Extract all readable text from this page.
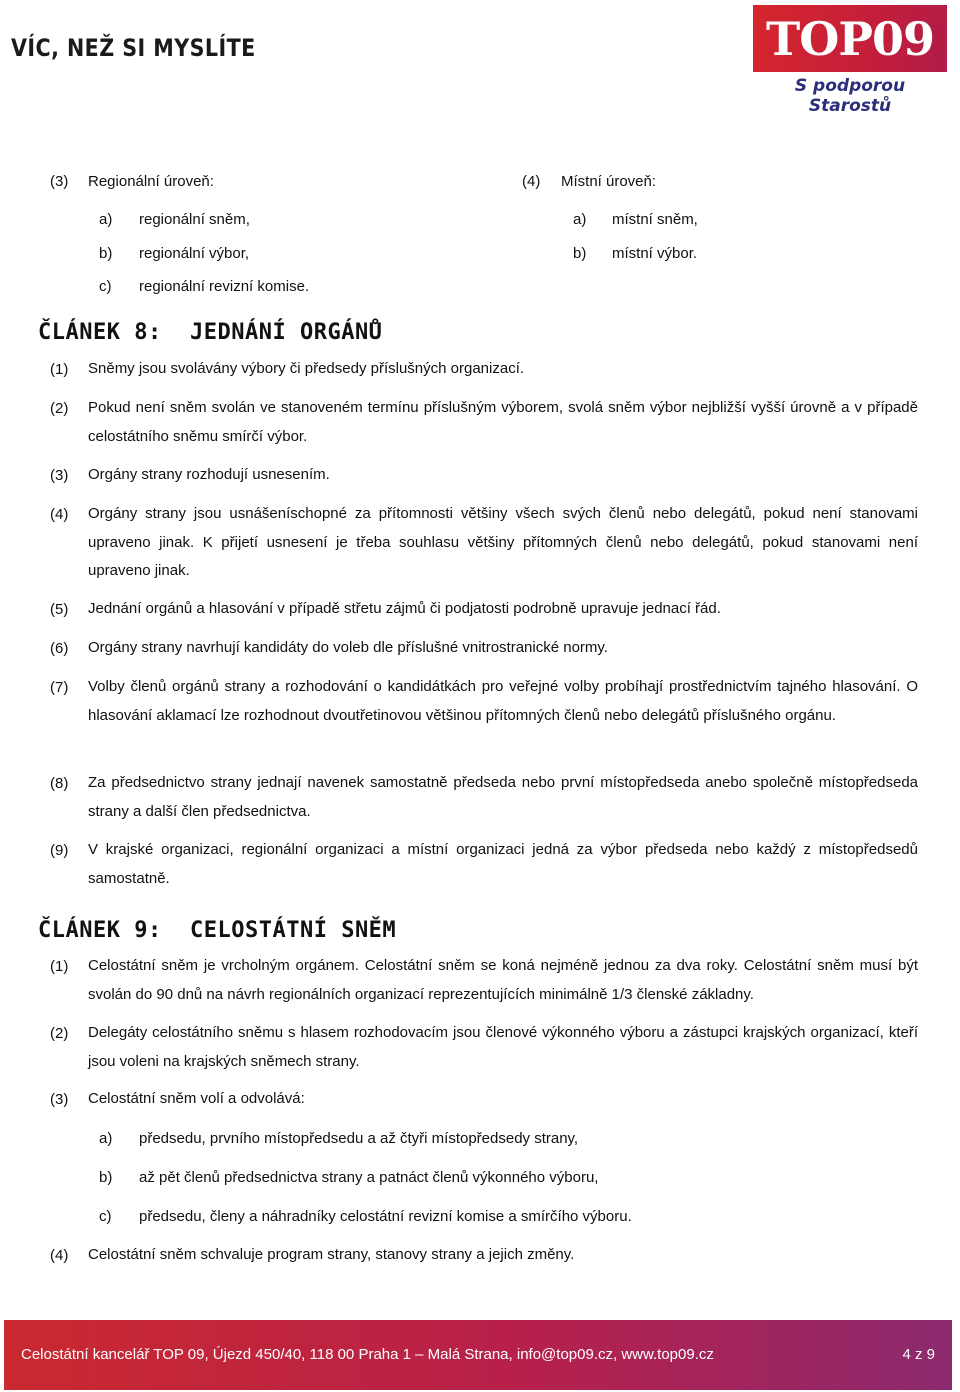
VÍC, NEŽ SI MYSLÍTE	TOP09
S podporou Starostů
(3) Regionální úroveň:
a) regionální sněm,
b) regionální výbor,
c) regionální revizní komise.
(4) Místní úroveň:
a) místní sněm,
b) místní výbor.
ČLÁNEK 8: JEDNÁNÍ ORGÁNŮ
(1) Sněmy jsou svolávány výbory či předsedy příslušných organizací.
(2) Pokud není sněm svolán ve stanoveném termínu příslušným výborem, svolá sněm výbor nejbližší vyšší úrovně a v případě celostátního sněmu smírčí výbor.
(3) Orgány strany rozhodují usnesením.
(4) Orgány strany jsou usnášeníschopné za přítomnosti většiny všech svých členů nebo delegátů, pokud není stanovami upraveno jinak. K přijetí usnesení je třeba souhlasu většiny přítomných členů nebo delegátů, pokud stanovami není upraveno jinak.
(5) Jednání orgánů a hlasování v případě střetu zájmů či podjatosti podrobně upravuje jednací řád.
(6) Orgány strany navrhují kandidáty do voleb dle příslušné vnitrostranické normy.
(7) Volby členů orgánů strany a rozhodování o kandidátkách pro veřejné volby probíhají prostřednictvím tajného hlasování. O hlasování aklamací lze rozhodnout dvoutřetinovou většinou přítomných členů nebo delegátů příslušného orgánu.
(8) Za předsednictvo strany jednají navenek samostatně předseda nebo první místopředseda anebo společně místopředseda strany a další člen předsednictva.
(9) V krajské organizaci, regionální organizaci a místní organizaci jedná za výbor předseda nebo každý z místopředsedů samostatně.
ČLÁNEK 9: CELOSTÁTNÍ SNĚM
(1) Celostátní sněm je vrcholným orgánem. Celostátní sněm se koná nejméně jednou za dva roky. Celostátní sněm musí být svolán do 90 dnů na návrh regionálních organizací reprezentujících minimálně 1/3 členské základny.
(2) Delegáty celostátního sněmu s hlasem rozhodovacím jsou členové výkonného výboru a zástupci krajských organizací, kteří jsou voleni na krajských sněmech strany.
(3) Celostátní sněm volí a odvolává:
a) předsedu, prvního místopředsedu a až čtyři místopředsedy strany,
b) až pět členů předsednictva strany a patnáct členů výkonného výboru,
c) předsedu, členy a náhradníky celostátní revizní komise a smírčího výboru.
(4) Celostátní sněm schvaluje program strany, stanovy strany a jejich změny.
Celostátní kancelář TOP 09, Újezd 450/40, 118 00 Praha 1 – Malá Strana, info@top09.cz, www.top09.cz	4 z 9
